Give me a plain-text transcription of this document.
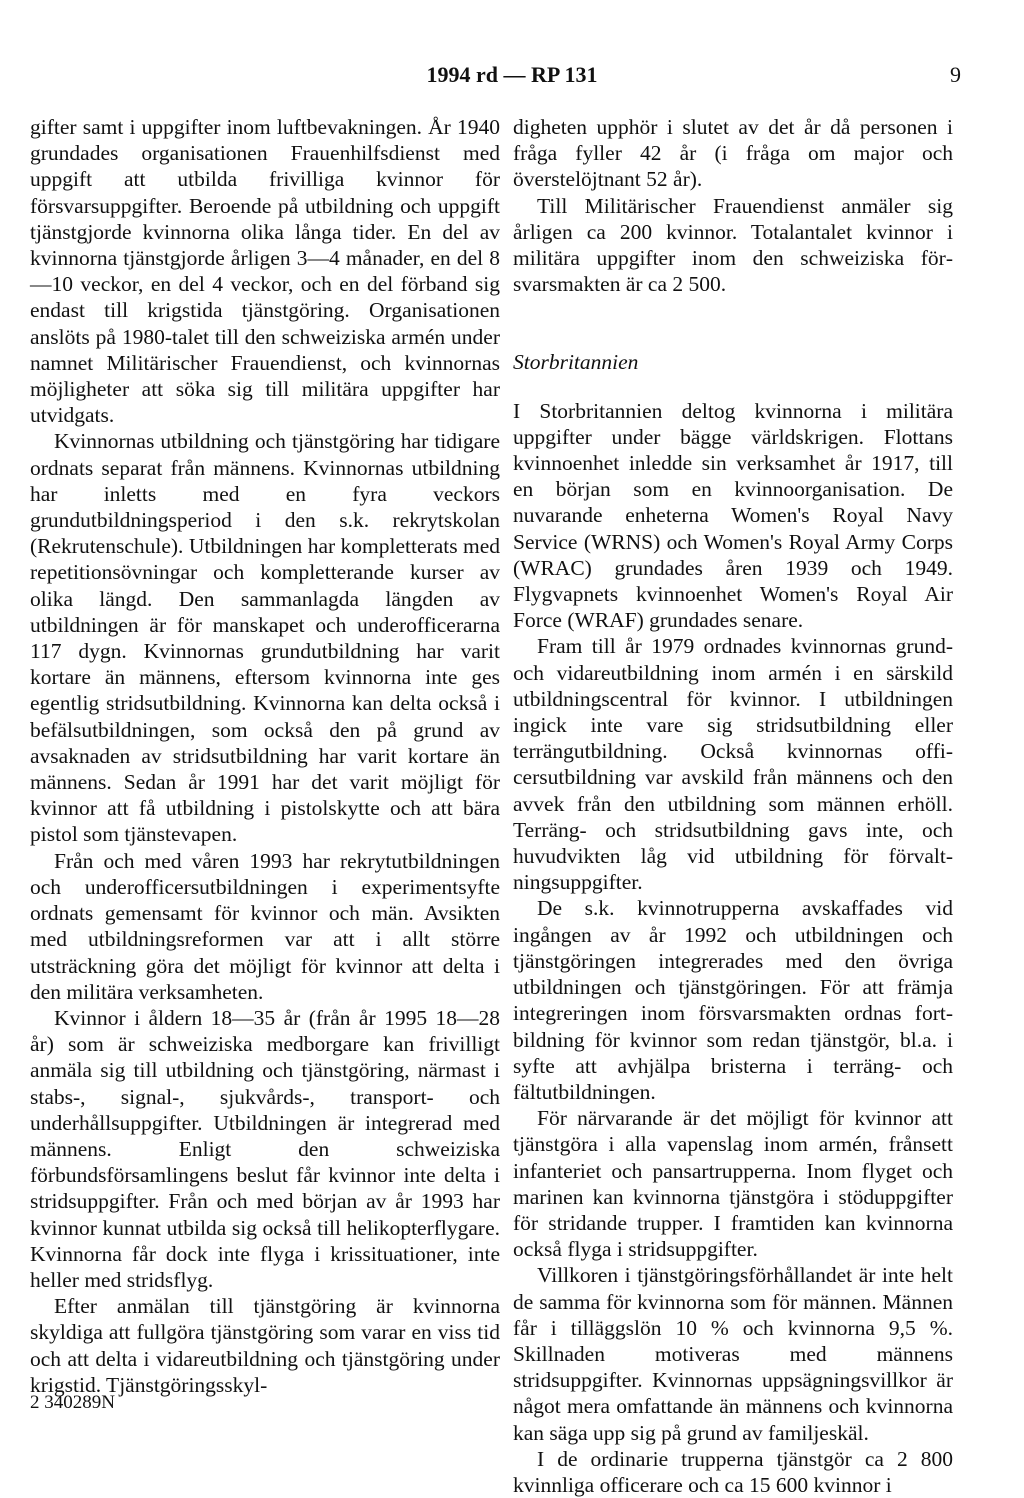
1994 rd — RP 131	9

gifter samt i uppgifter inom luftbevakningen. År 1940 grundades organisationen Frauenhilfsdienst med uppgift att utbilda frivilliga kvinnor för försvarsuppgifter. Beroende på utbildning och uppgift tjänstgjorde kvinnorna olika långa tider. En del av kvinnorna tjänstgjorde årligen 3—4 månader, en del 8—10 veckor, en del 4 veckor, och en del förband sig endast till krigstida tjänstgöring. Organisationen anslöts på 1980-talet till den schweiziska armén under namnet Militärischer Frauendienst, och kvinnornas möjligheter att söka sig till militära uppgifter har utvidgats.

Kvinnornas utbildning och tjänstgöring har tidigare ordnats separat från männens. Kvinnornas utbildning har inletts med en fyra veckors grundutbildningsperiod i den s.k. rekrytskolan (Rekrutenschule). Utbildningen har kompletterats med repetitionsövningar och kompletterande kurser av olika längd. Den sammanlagda längden av utbildningen är för manskapet och underofficerarna 117 dygn. Kvinnornas grundutbildning har varit kortare än männens, eftersom kvinnorna inte ges egentlig stridsutbildning. Kvinnorna kan delta också i befälsutbildningen, som också den på grund av avsaknaden av stridsutbildning har varit kortare än männens. Sedan år 1991 har det varit möjligt för kvinnor att få utbildning i pistolskytte och att bära pistol som tjänstevapen.

Från och med våren 1993 har rekrytutbildningen och underofficersutbildningen i experimentsyfte ordnats gemensamt för kvinnor och män. Avsikten med utbildningsreformen var att i allt större utsträckning göra det möjligt för kvinnor att delta i den militära verksamheten.

Kvinnor i åldern 18—35 år (från år 1995 18—28 år) som är schweiziska medborgare kan frivilligt anmäla sig till utbildning och tjänstgöring, närmast i stabs-, signal-, sjukvårds-, transport- och underhållsuppgifter. Utbildningen är integrerad med männens. Enligt den schweiziska förbundsförsamlingens beslut får kvinnor inte delta i stridsuppgifter. Från och med början av år 1993 har kvinnor kunnat utbilda sig också till helikopterflygare. Kvinnorna får dock inte flyga i krissituationer, inte heller med stridsflyg.

Efter anmälan till tjänstgöring är kvinnorna skyldiga att fullgöra tjänstgöring som varar en viss tid och att delta i vidareutbildning och tjänstgöring under krigstid. Tjänstgöringsskyl-

digheten upphör i slutet av det år då personen i fråga fyller 42 år (i fråga om major och överstelöjtnant 52 år).

Till Militärischer Frauendienst anmäler sig årligen ca 200 kvinnor. Totalantalet kvinnor i militära uppgifter inom den schweiziska försvarsmakten är ca 2 500.

Storbritannien

I Storbritannien deltog kvinnorna i militära uppgifter under bägge världskrigen. Flottans kvinnoenhet inledde sin verksamhet år 1917, till en början som en kvinnoorganisation. De nuvarande enheterna Women's Royal Navy Service (WRNS) och Women's Royal Army Corps (WRAC) grundades åren 1939 och 1949. Flygvapnets kvinnoenhet Women's Royal Air Force (WRAF) grundades senare.

Fram till år 1979 ordnades kvinnornas grund- och vidareutbildning inom armén i en särskild utbildningscentral för kvinnor. I utbildningen ingick inte vare sig stridsutbildning eller terrängutbildning. Också kvinnornas officersutbildning var avskild från männens och den avvek från den utbildning som männen erhöll. Terräng- och stridsutbildning gavs inte, och huvudvikten låg vid utbildning för förvaltningsuppgifter.

De s.k. kvinnotrupperna avskaffades vid ingången av år 1992 och utbildningen och tjänstgöringen integrerades med den övriga utbildningen och tjänstgöringen. För att främja integreringen inom försvarsmakten ordnas fortbildning för kvinnor som redan tjänstgör, bl.a. i syfte att avhjälpa bristerna i terräng- och fältutbildningen.

För närvarande är det möjligt för kvinnor att tjänstgöra i alla vapenslag inom armén, frånsett infanteriet och pansartrupperna. Inom flyget och marinen kan kvinnorna tjänstgöra i stöduppgifter för stridande trupper. I framtiden kan kvinnorna också flyga i stridsuppgifter.

Villkoren i tjänstgöringsförhållandet är inte helt de samma för kvinnorna som för männen. Männen får i tilläggslön 10 % och kvinnorna 9,5 %. Skillnaden motiveras med männens stridsuppgifter. Kvinnornas uppsägningsvillkor är något mera omfattande än männens och kvinnorna kan säga upp sig på grund av familjeskäl.

I de ordinarie trupperna tjänstgör ca 2 800 kvinnliga officerare och ca 15 600 kvinnor i

2 340289N
